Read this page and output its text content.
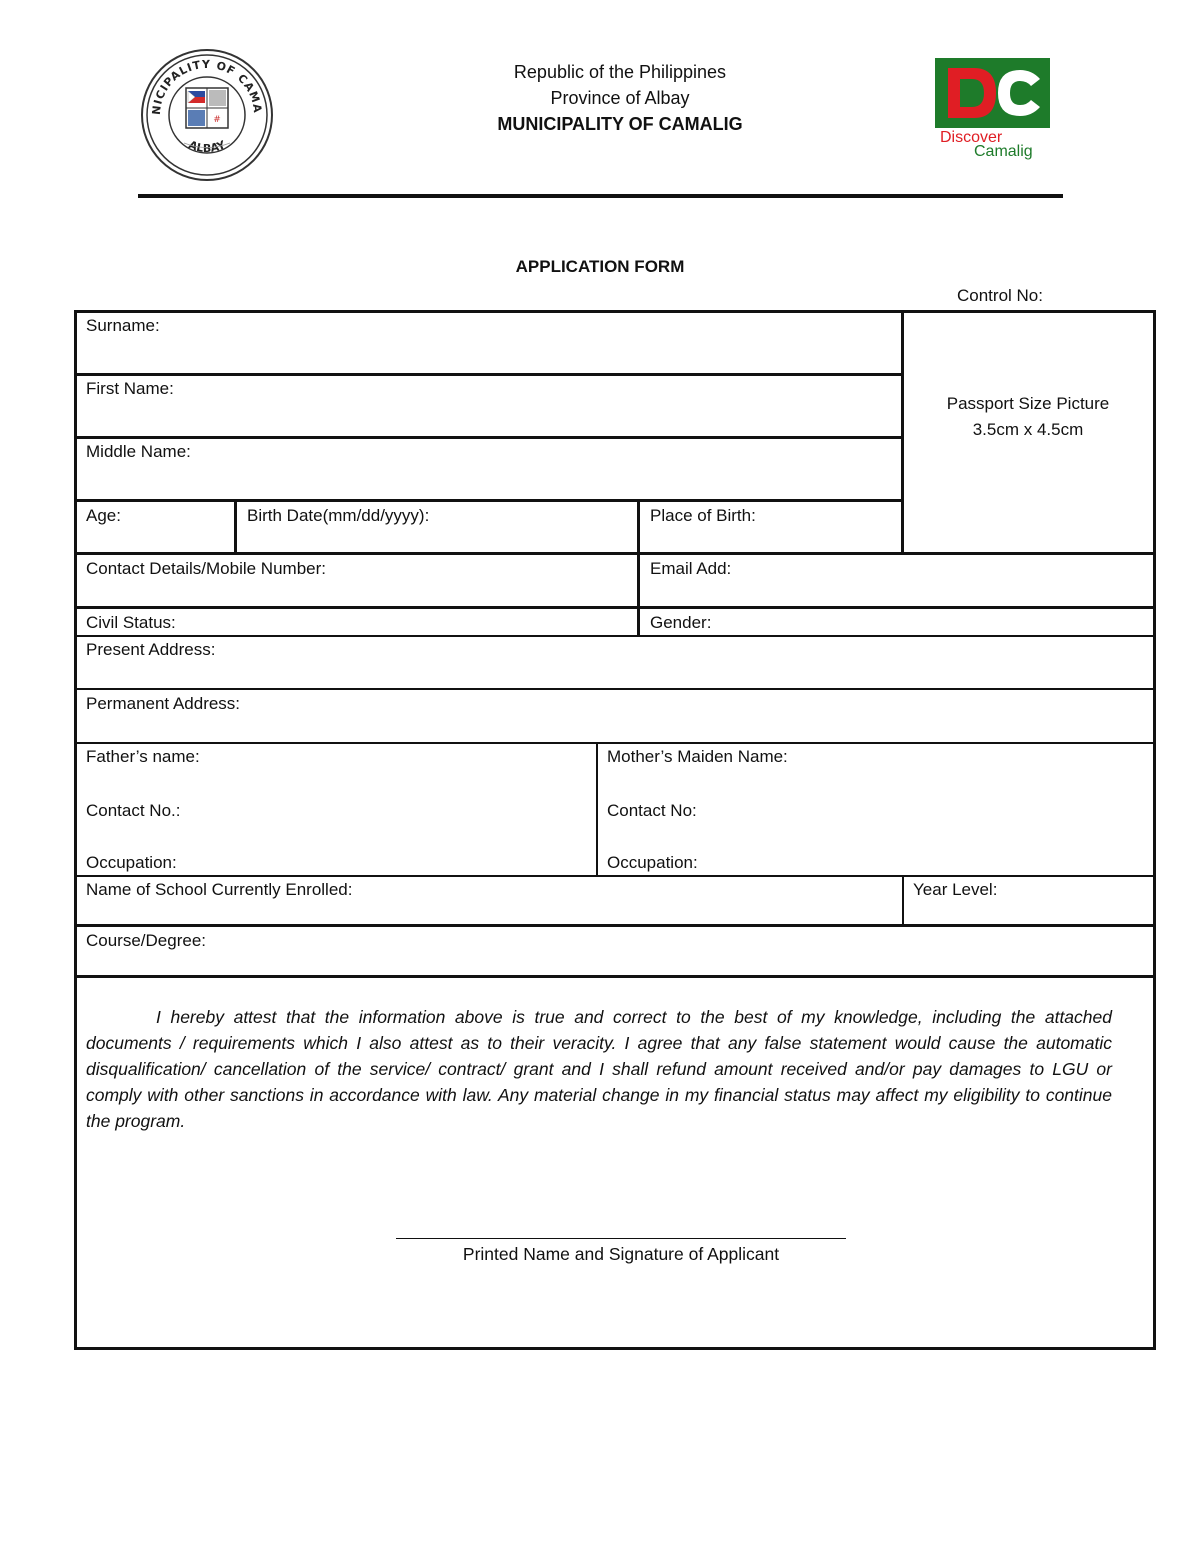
NICIPALITY OF CAMA
ALBAY
#
Republic of the Philippines
Province of Albay
MUNICIPALITY OF CAMALIG
Discover
Camalig
APPLICATION FORM
Control No:
Surname:
First Name:
Middle Name:
Passport Size Picture
3.5cm x 4.5cm
Age:	Birth Date(mm/dd/yyyy):	Place of Birth:
Contact Details/Mobile Number:	Email Add:
Civil Status:	Gender:
Present Address:
Permanent Address:
Father’s name:
Contact No.:
Occupation:
Mother’s Maiden Name:
Contact No:
Occupation:
Name of School Currently Enrolled:	Year Level:
Course/Degree:
I hereby attest that the information above is true and correct to the best of my knowledge, including the attached documents / requirements which I also attest as to their veracity. I agree that any false statement would cause the automatic disqualification/ cancellation of the service/ contract/ grant and I shall refund amount received and/or pay damages to LGU or comply with other sanctions in accordance with law. Any material change in my financial status may affect my eligibility to continue the program.
Printed Name and Signature of Applicant
